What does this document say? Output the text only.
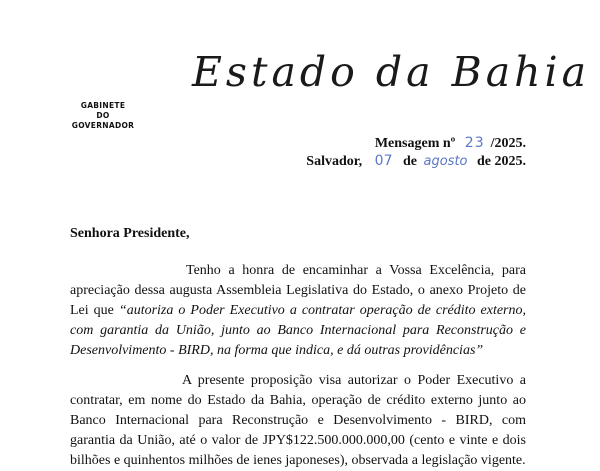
Estado da Bahia
GABINETE
DO
GOVERNADOR
Mensagem nº 23 /2025.
Salvador, 07 de agosto de 2025.
Senhora Presidente,

Tenho a honra de encaminhar a Vossa Excelência, para apreciação dessa augusta Assembleia Legislativa do Estado, o anexo Projeto de Lei que “autoriza o Poder Executivo a contratar operação de crédito externo, com garantia da União, junto ao Banco Internacional para Reconstrução e Desenvolvimento - BIRD, na forma que indica, e dá outras providências”

A presente proposição visa autorizar o Poder Executivo a contratar, em nome do Estado da Bahia, operação de crédito externo junto ao Banco Internacional para Reconstrução e Desenvolvimento - BIRD, com garantia da União, até o valor de JPY$122.500.000.000,00 (cento e vinte e dois bilhões e quinhentos milhões de ienes japoneses), observada a legislação vigente.
